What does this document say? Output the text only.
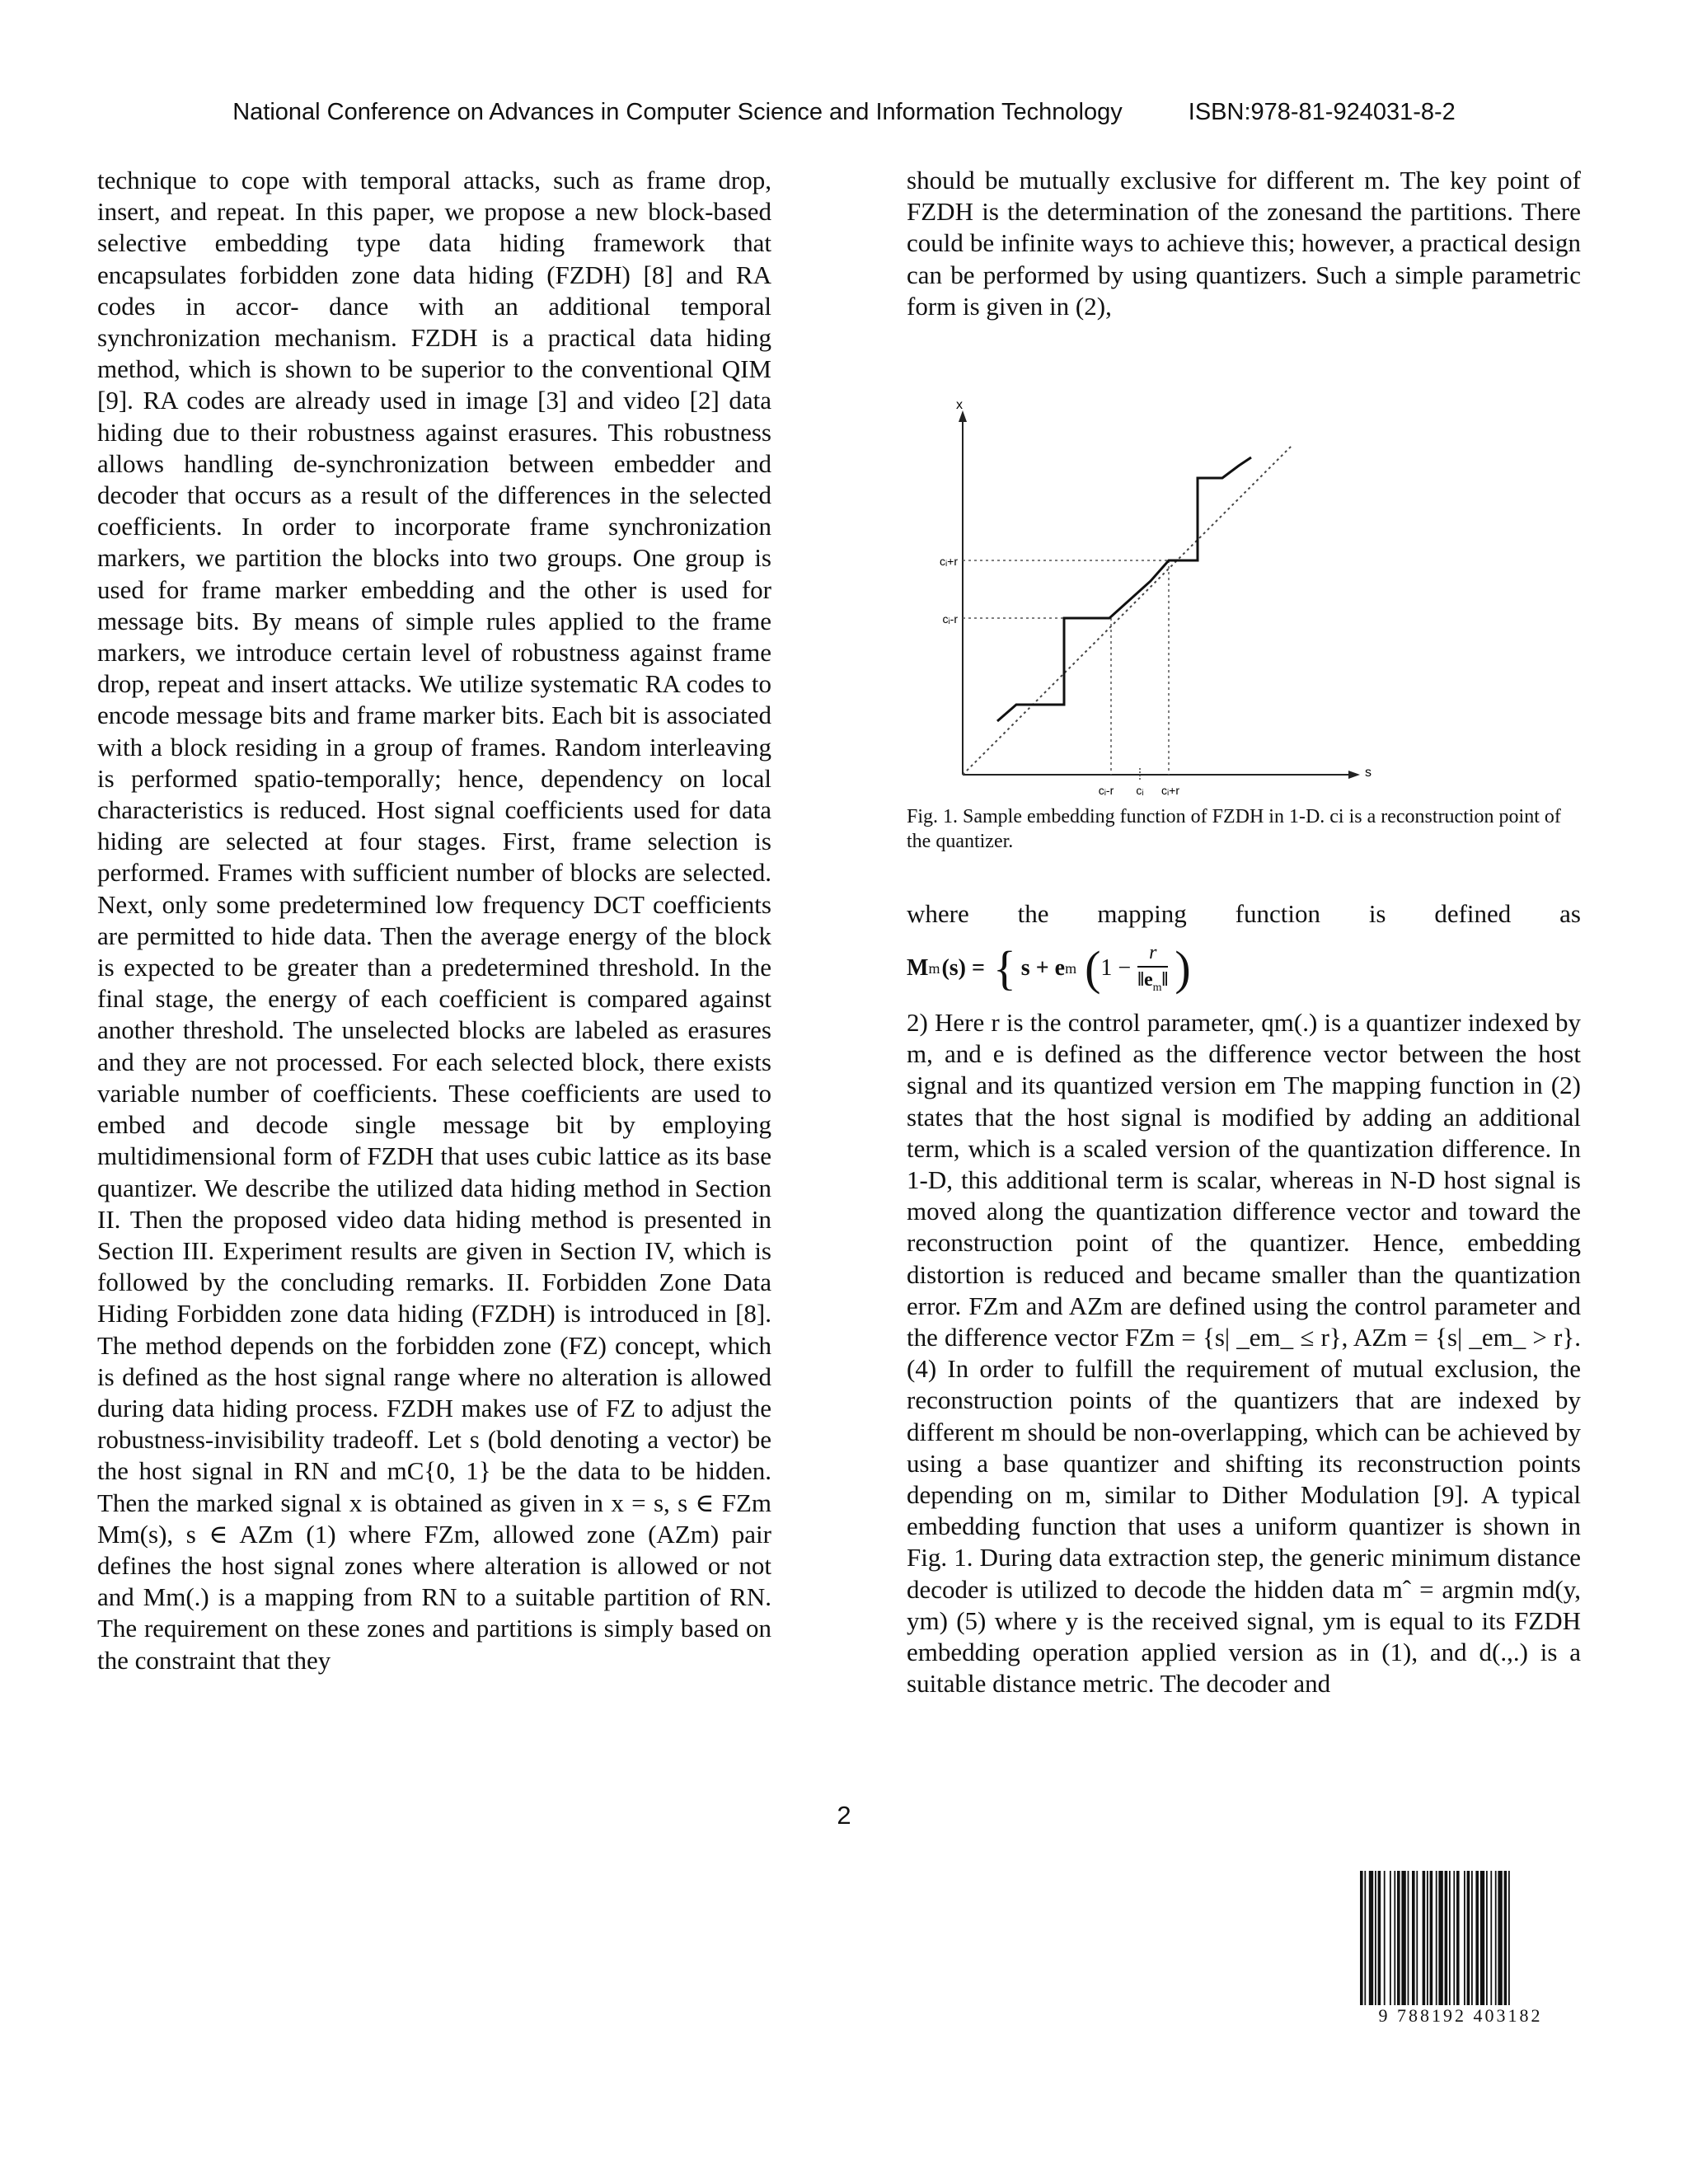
National Conference on Advances in Computer Science and Information Technology	ISBN:978-81-924031-8-2

technique to cope with temporal attacks, such as frame drop, insert, and repeat. In this paper, we propose a new block-based selective embedding type data hiding framework that encapsulates forbidden zone data hiding (FZDH) [8] and RA codes in accor- dance with an additional temporal synchronization mechanism. FZDH is a practical data hiding method, which is shown to be superior to the conventional QIM [9]. RA codes are already used in image [3] and video [2] data hiding due to their robustness against erasures. This robustness allows handling de-synchronization between embedder and decoder that occurs as a result of the differences in the selected coefficients. In order to incorporate frame synchronization markers, we partition the blocks into two groups. One group is used for frame marker embedding and the other is used for message bits. By means of simple rules applied to the frame markers, we introduce certain level of robustness against frame drop, repeat and insert attacks. We utilize systematic RA codes to encode message bits and frame marker bits. Each bit is associated with a block residing in a group of frames. Random interleaving is performed spatio-temporally; hence, dependency on local characteristics is reduced. Host signal coefficients used for data hiding are selected at four stages. First, frame selection is performed. Frames with sufficient number of blocks are selected. Next, only some predetermined low frequency DCT coefficients are permitted to hide data. Then the average energy of the block is expected to be greater than a predetermined threshold. In the final stage, the energy of each coefficient is compared against another threshold. The unselected blocks are labeled as erasures and they are not processed. For each selected block, there exists variable number of coefficients. These coefficients are used to embed and decode single message bit by employing multidimensional form of FZDH that uses cubic lattice as its base quantizer. We describe the utilized data hiding method in Section II. Then the proposed video data hiding method is presented in Section III. Experiment results are given in Section IV, which is followed by the concluding remarks. II. Forbidden Zone Data Hiding Forbidden zone data hiding (FZDH) is introduced in [8]. The method depends on the forbidden zone (FZ) concept, which is defined as the host signal range where no alteration is allowed during data hiding process. FZDH makes use of FZ to adjust the robustness-invisibility tradeoff. Let s (bold denoting a vector) be the host signal in RN and mC{0, 1} be the data to be hidden. Then the marked signal x is obtained as given in x = s, s ∈ FZm Mm(s), s ∈ AZm (1) where FZm, allowed zone (AZm) pair defines the host signal zones where alteration is allowed or not and Mm(.) is a mapping from RN to a suitable partition of RN. The requirement on these zones and partitions is simply based on the constraint that they

should be mutually exclusive for different m. The key point of FZDH is the determination of the zonesand the partitions. There could be infinite ways to achieve this; however, a practical design can be performed by using quantizers. Such a simple parametric form is given in (2),

x
s
cᵢ+r
cᵢ-r
cᵢ-r cᵢ cᵢ+r
Fig. 1. Sample embedding function of FZDH in 1-D. ci is a reconstruction point of the quantizer.

where the mapping function is defined as

M m (s) = { s + e m ( $1 - \frac{r}{‖e_m‖}$ )

2) Here r is the control parameter, qm(.) is a quantizer indexed by m, and e is defined as the difference vector between the host signal and its quantized version em The mapping function in (2) states that the host signal is modified by adding an additional term, which is a scaled version of the quantization difference. In 1-D, this additional term is scalar, whereas in N-D host signal is moved along the quantization difference vector and toward the reconstruction point of the quantizer. Hence, embedding distortion is reduced and became smaller than the quantization error. FZm and AZm are defined using the control parameter and the difference vector FZm = {s| _em_ ≤ r}, AZm = {s| _em_ > r}. (4) In order to fulfill the requirement of mutual exclusion, the reconstruction points of the quantizers that are indexed by different m should be non-overlapping, which can be achieved by using a base quantizer and shifting its reconstruction points depending on m, similar to Dither Modulation [9]. A typical embedding function that uses a uniform quantizer is shown in Fig. 1. During data extraction step, the generic minimum distance decoder is utilized to decode the hidden data mˆ = argmin md(y, ym) (5) where y is the received signal, ym is equal to its FZDH embedding operation applied version as in (1), and d(.,.) is a suitable distance metric. The decoder and

2
9 788192 403182
